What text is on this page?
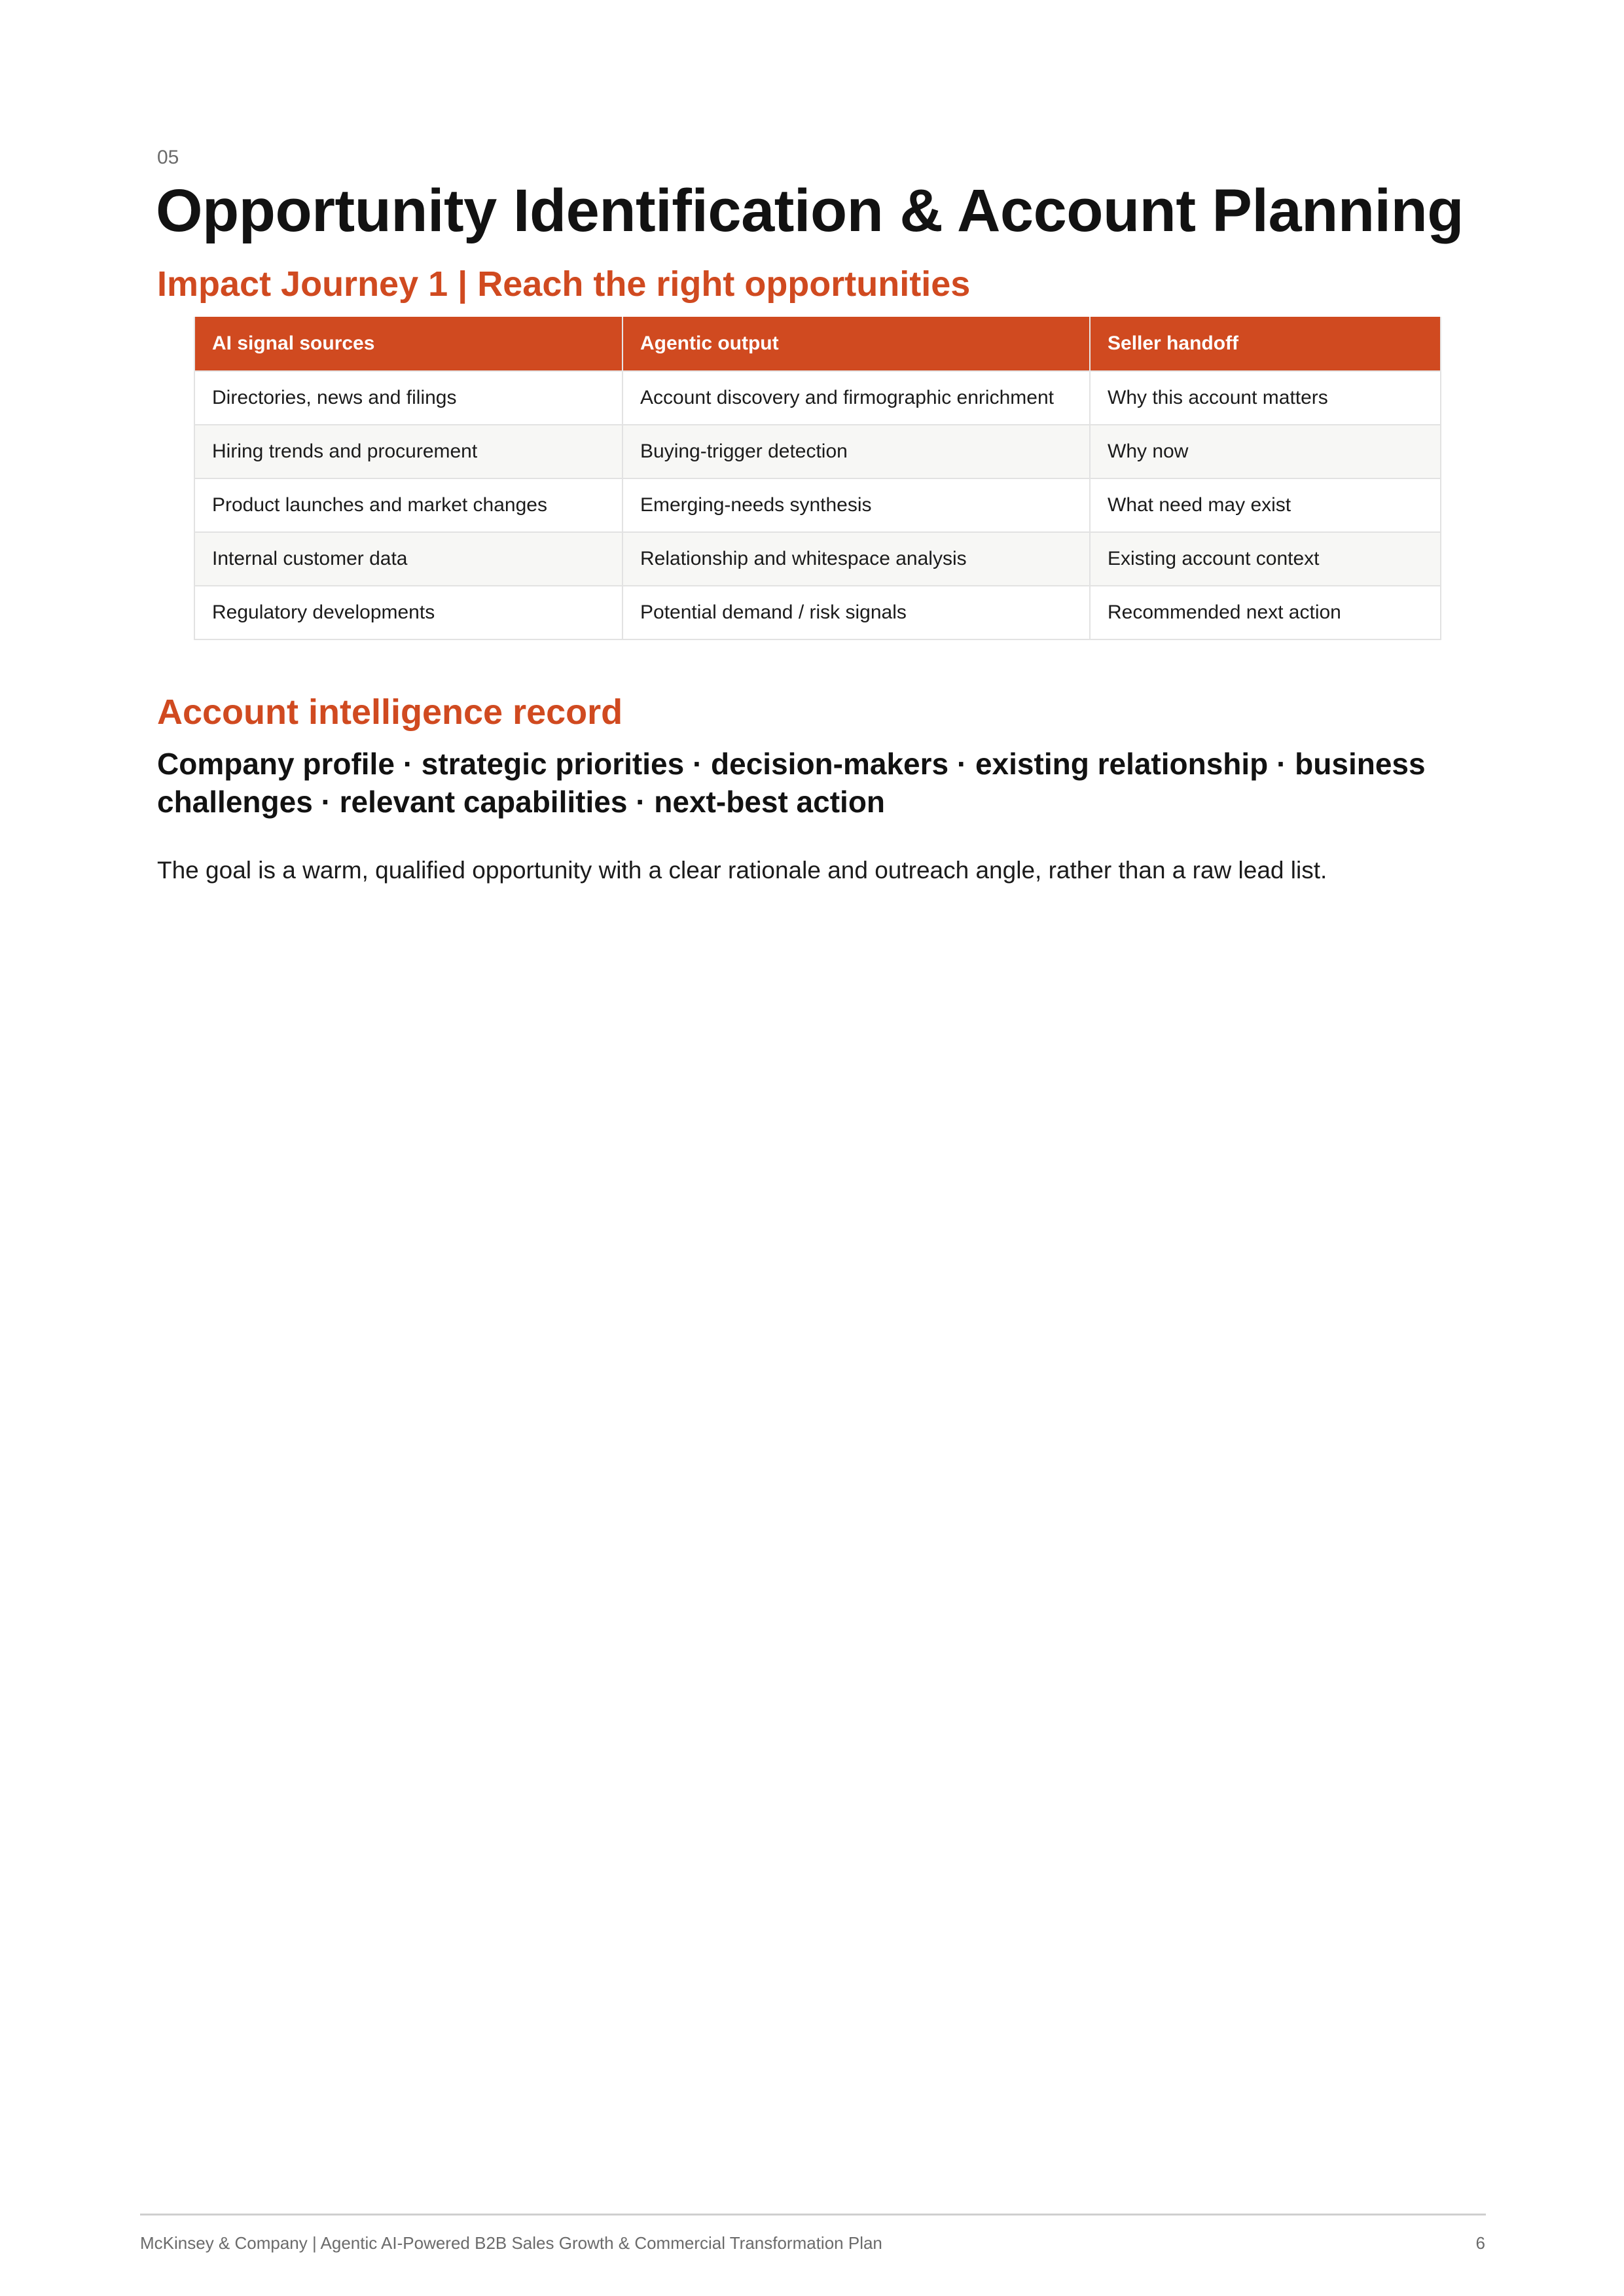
05
Opportunity Identification & Account Planning
Impact Journey 1 | Reach the right opportunities
AI signal sources	Agentic output	Seller handoff
Directories, news and filings	Account discovery and firmographic enrichment	Why this account matters
Hiring trends and procurement	Buying-trigger detection	Why now
Product launches and market changes	Emerging-needs synthesis	What need may exist
Internal customer data	Relationship and whitespace analysis	Existing account context
Regulatory developments	Potential demand / risk signals	Recommended next action
Account intelligence record

Company profile · strategic priorities · decision-makers · existing relationship · business challenges · relevant capabilities · next-best action

The goal is a warm, qualified opportunity with a clear rationale and outreach angle, rather than a raw lead list.

McKinsey & Company | Agentic AI-Powered B2B Sales Growth & Commercial Transformation Plan	6
